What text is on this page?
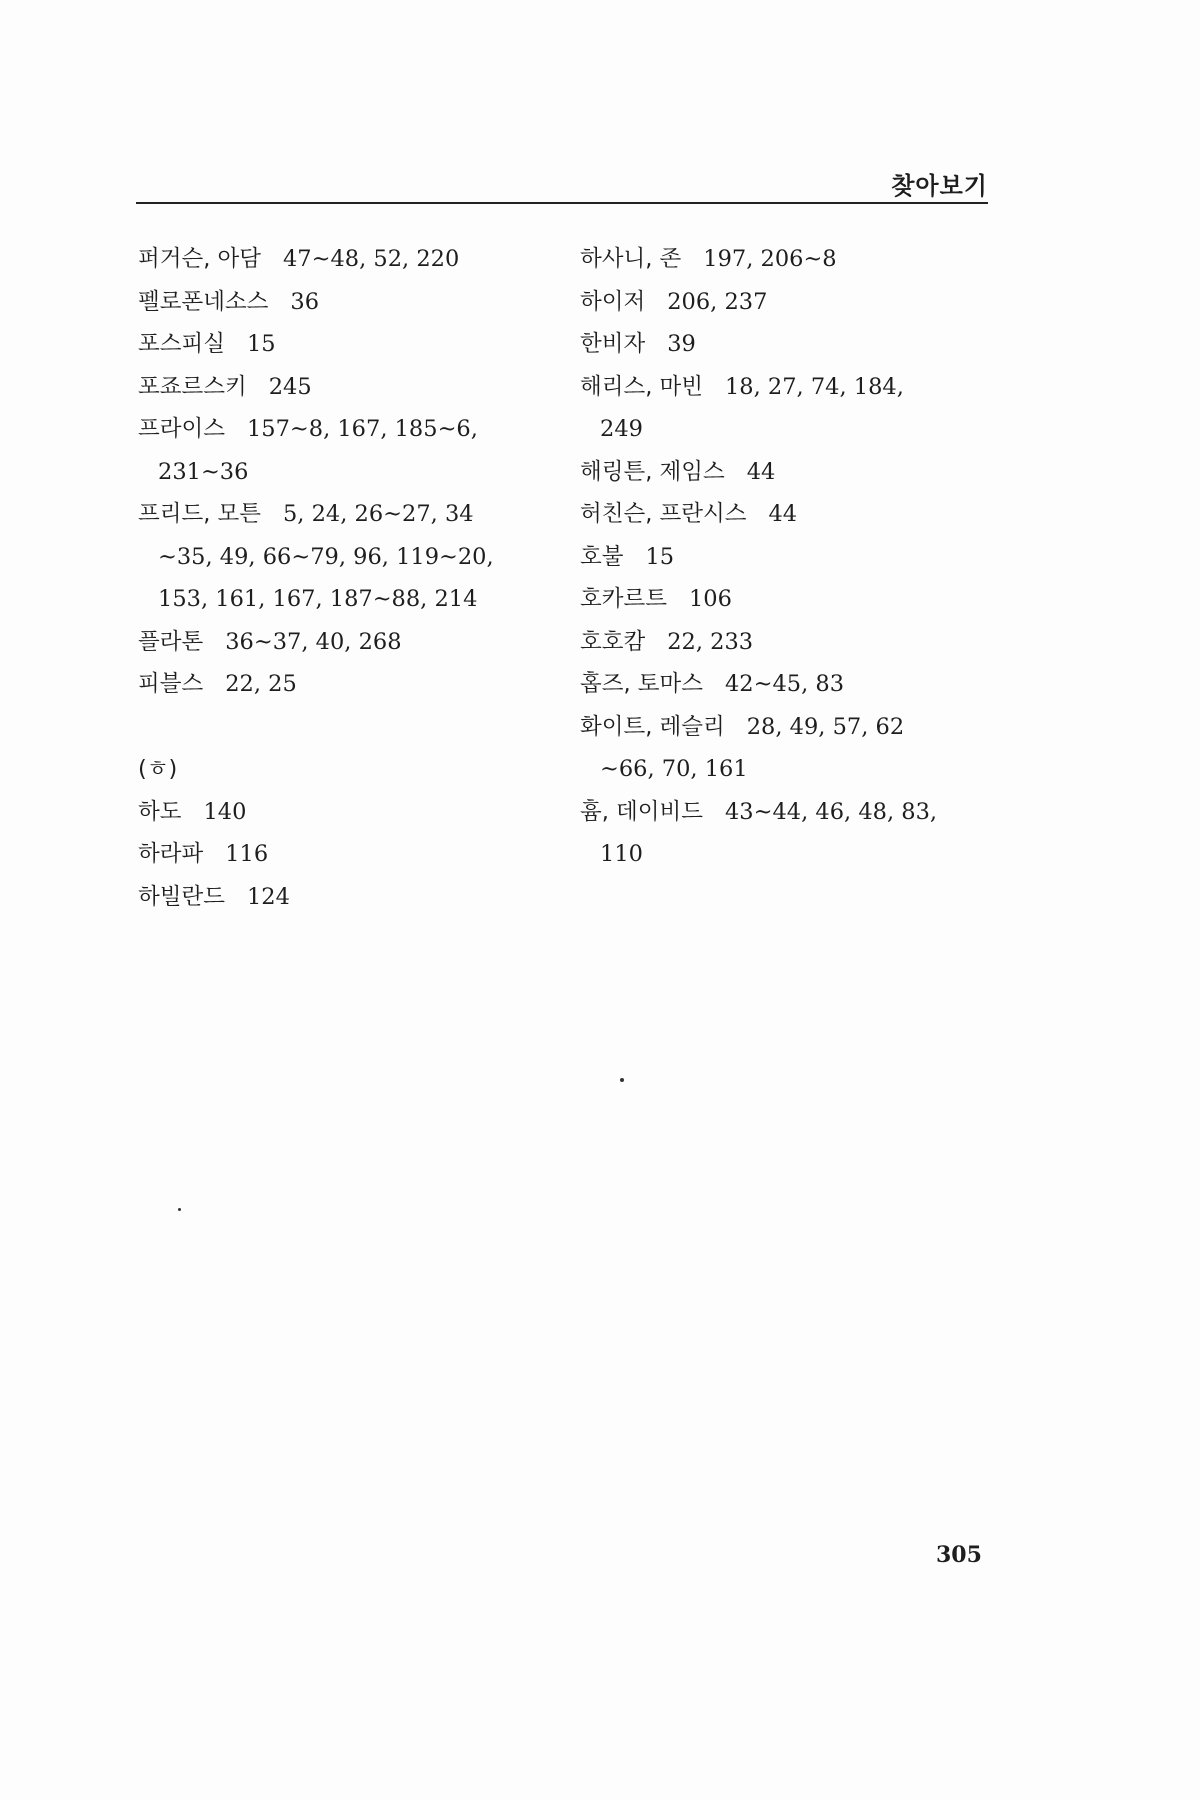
찾아보기
퍼거슨, 아담 47~48, 52, 220
펠로폰네소스 36
포스피실 15
포죠르스키 245
프라이스 157~8, 167, 185~6,
231~36
프리드, 모튼 5, 24, 26~27, 34
~35, 49, 66~79, 96, 119~20,
153, 161, 167, 187~88, 214
플라톤 36~37, 40, 268
피블스 22, 25
(ㅎ)
하도 140
하라파 116
하빌란드 124
하사니, 존 197, 206~8
하이저 206, 237
한비자 39
해리스, 마빈 18, 27, 74, 184,
249
해링튼, 제임스 44
허친슨, 프란시스 44
호불 15
호카르트 106
호호캄 22, 233
홉즈, 토마스 42~45, 83
화이트, 레슬리 28, 49, 57, 62
~66, 70, 161
흄, 데이비드 43~44, 46, 48, 83,
110
305
